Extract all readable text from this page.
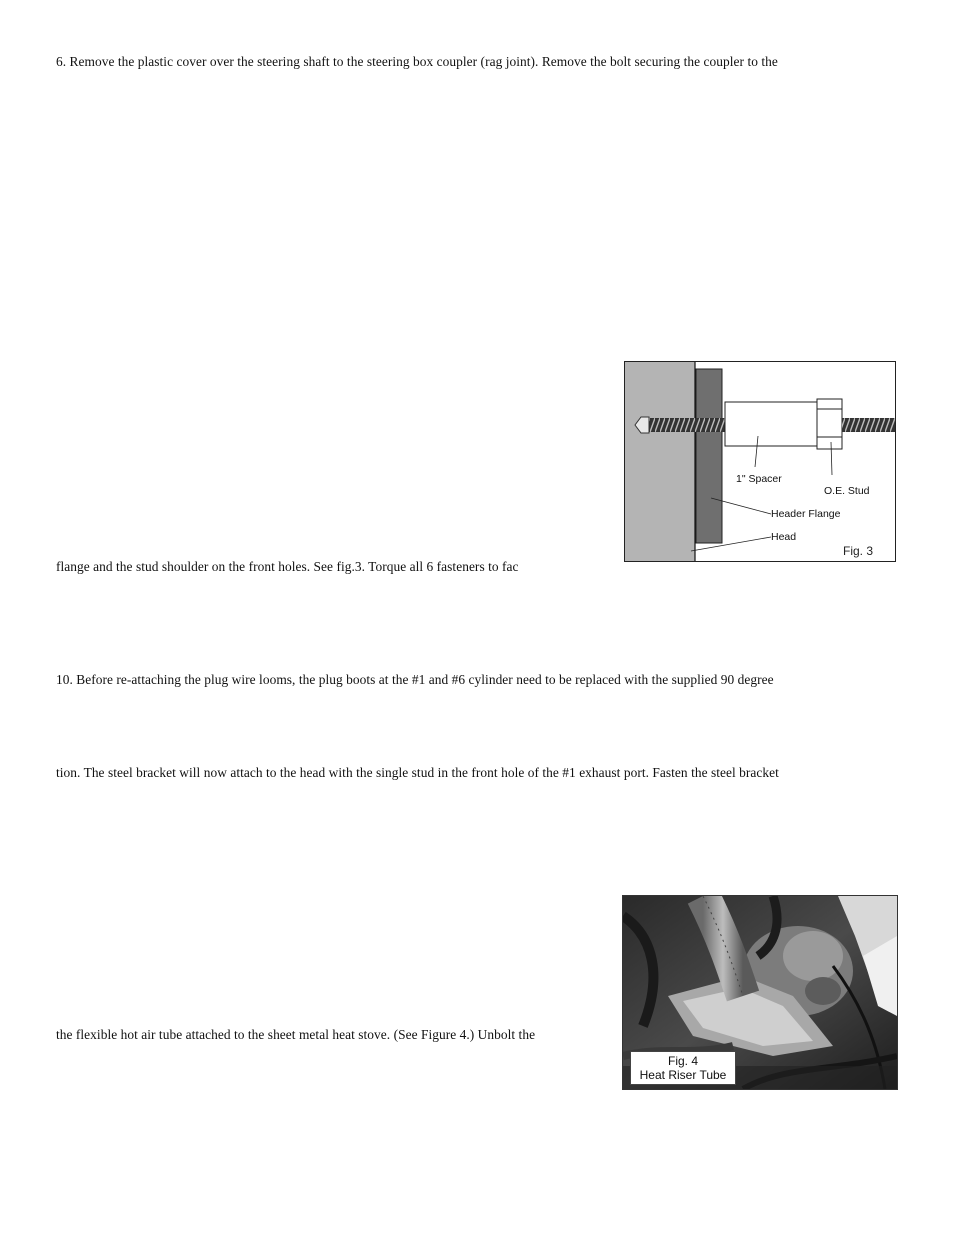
6. Remove the plastic cover over the steering shaft to the steering box coupler (rag joint). Remove the bolt securing the coupler to the
flange and the stud shoulder on the front holes. See fig.3. Torque all 6 fasteners to fac
10. Before re-attaching the plug wire looms, the plug boots at the #1 and #6 cylinder need to be replaced with the supplied 90 degree
tion. The steel bracket will now attach to the head with the single stud in the front hole of the #1 exhaust port. Fasten the steel bracket
the flexible hot air tube attached to the sheet metal heat stove. (See Figure 4.) Unbolt the
1" Spacer
O.E. Stud
Header Flange
Head
Fig. 3
Fig. 4
Heat Riser Tube
